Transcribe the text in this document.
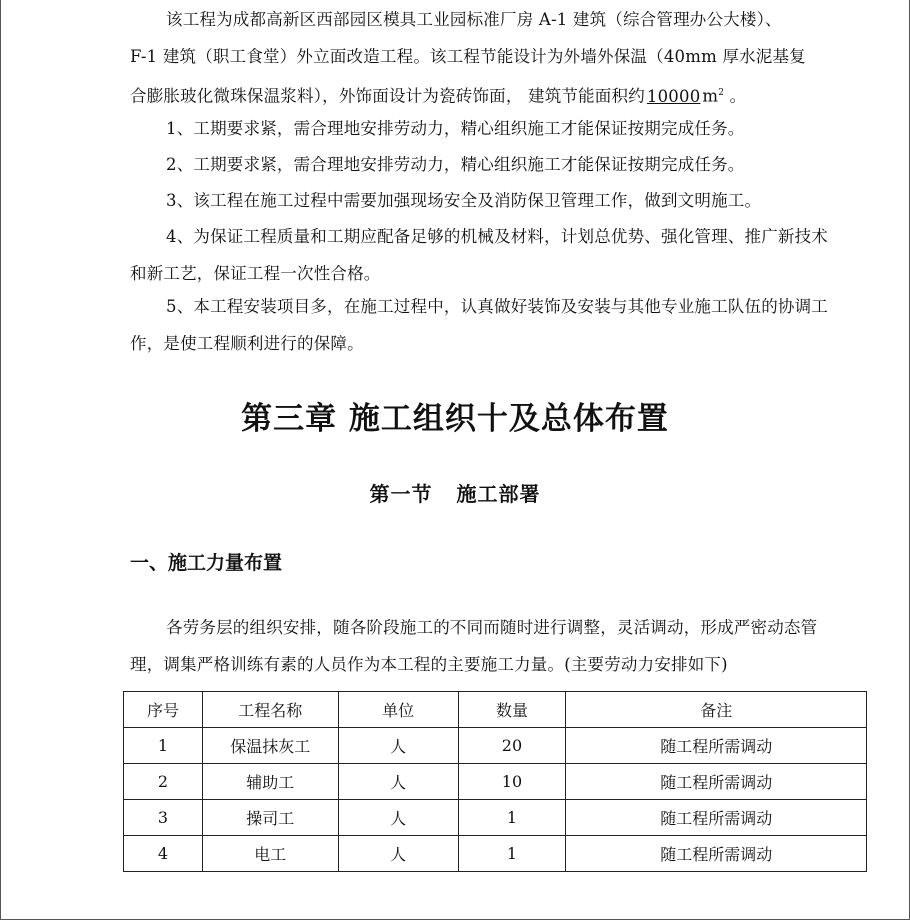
该工程为成都高新区西部园区模具工业园标准厂房 A-1 建筑（综合管理办公大楼）、
F-1 建筑（职工食堂）外立面改造工程。该工程节能设计为外墙外保温（40mm 厚水泥基复
合膨胀玻化微珠保温浆料），外饰面设计为瓷砖饰面， 建筑节能面积约 10000 $m^2$ 。

1、工期要求紧，需合理地安排劳动力，精心组织施工才能保证按期完成任务。

2、工期要求紧，需合理地安排劳动力，精心组织施工才能保证按期完成任务。

3、该工程在施工过程中需要加强现场安全及消防保卫管理工作，做到文明施工。

4、为保证工程质量和工期应配备足够的机械及材料，计划总优势、强化管理、推广新技术和新工艺，保证工程一次性合格。

5、本工程安装项目多，在施工过程中，认真做好装饰及安装与其他专业施工队伍的协调工作，是使工程顺利进行的保障。

第三章 施工组织十及总体布置
第一节 施工部署
一、施工力量布置

各劳务层的组织安排，随各阶段施工的不同而随时进行调整，灵活调动，形成严密动态管理，调集严格训练有素的人员作为本工程的主要施工力量。(主要劳动力安排如下)

序号	工程名称	单位	数量	备注
1	保温抹灰工	人	20	随工程所需调动
2	辅助工	人	10	随工程所需调动
3	操司工	人	1	随工程所需调动
4	电工	人	1	随工程所需调动
